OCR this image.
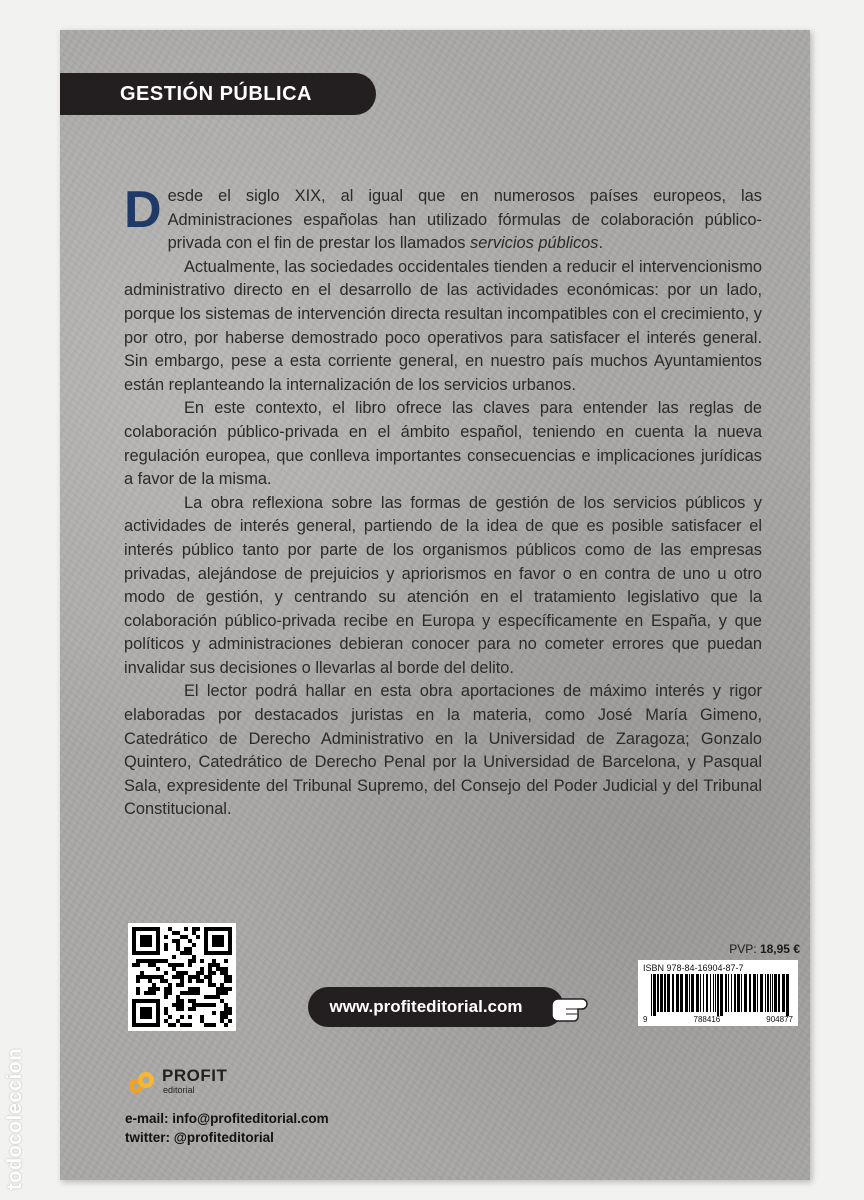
GESTIÓN PÚBLICA

Desde el siglo XIX, al igual que en numerosos países europeos, las Administraciones españolas han utilizado fórmulas de colaboración público-privada con el fin de prestar los llamados servicios públicos.

Actualmente, las sociedades occidentales tienden a reducir el intervencionismo administrativo directo en el desarrollo de las actividades económicas: por un lado, porque los sistemas de intervención directa resultan incompatibles con el crecimiento, y por otro, por haberse demostrado poco operativos para satisfacer el interés general. Sin embargo, pese a esta corriente general, en nuestro país muchos Ayuntamientos están replanteando la internalización de los servicios urbanos.

En este contexto, el libro ofrece las claves para entender las reglas de colaboración público-privada en el ámbito español, teniendo en cuenta la nueva regulación europea, que conlleva importantes consecuencias e implicaciones jurídicas a favor de la misma.

La obra reflexiona sobre las formas de gestión de los servicios públicos y actividades de interés general, partiendo de la idea de que es posible satisfacer el interés público tanto por parte de los organismos públicos como de las empresas privadas, alejándose de prejuicios y apriorismos en favor o en contra de uno u otro modo de gestión, y centrando su atención en el tratamiento legislativo que la colaboración público-privada recibe en Europa y específicamente en España, y que políticos y administraciones debieran conocer para no cometer errores que puedan invalidar sus decisiones o llevarlas al borde del delito.

El lector podrá hallar en esta obra aportaciones de máximo interés y rigor elaboradas por destacados juristas en la materia, como José María Gimeno, Catedrático de Derecho Administrativo en la Universidad de Zaragoza; Gonzalo Quintero, Catedrático de Derecho Penal por la Universidad de Barcelona, y Pasqual Sala, expresidente del Tribunal Supremo, del Consejo del Poder Judicial y del Tribunal Constitucional.

www.profiteditorial.com
PVP: 18,95 €
ISBN 978-84-16904-87-7
9	788416	904877
PROFIT
editorial
e-mail: info@profiteditorial.com
twitter: @profiteditorial
todocoleccion
